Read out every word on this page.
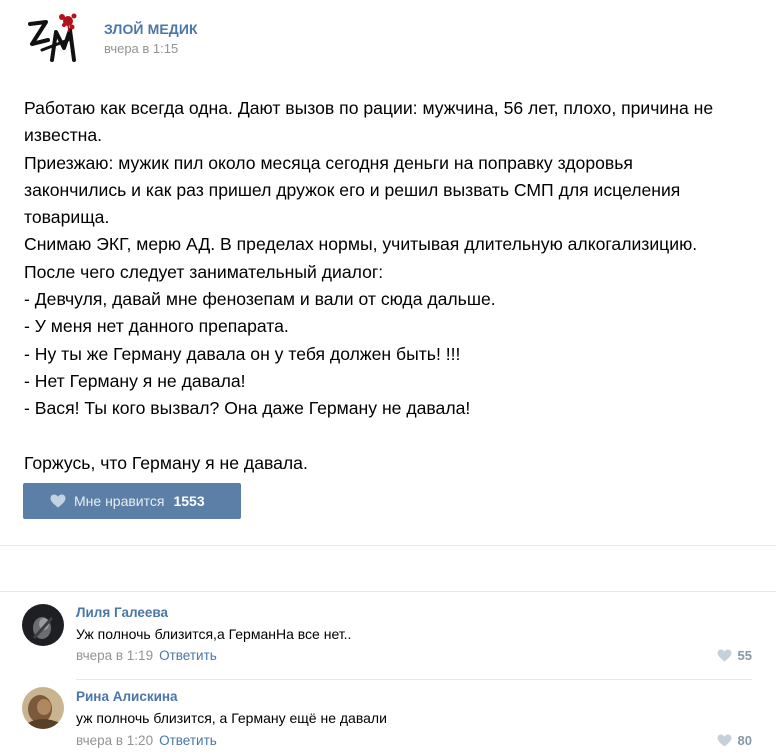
ЗЛОЙ МЕДИК
вчера в 1:15

Работаю как всегда одна. Дают вызов по рации: мужчина, 56 лет, плохо, причина не

известна.

Приезжаю: мужик пил около месяца сегодня деньги на поправку здоровья

закончились и как раз пришел дружок его и решил вызвать СМП для исцеления

товарища.

Снимаю ЭКГ, мерю АД. В пределах нормы, учитывая длительную алкогализицию.

После чего следует занимательный диалог:

- Девчуля, давай мне фенозепам и вали от сюда дальше.

- У меня нет данного препарата.

- Ну ты же Герману давала он у тебя должен быть! !!!

- Нет Герману я не давала!

- Вася! Ты кого вызвал? Она даже Герману не давала!

Горжусь, что Герману я не давала.

Мне нравится 1553
Лиля Галеева
Уж полночь близится,а ГерманНа все нет..
вчера в 1:19 Ответить	55
Рина Алискина
уж полночь близится, а Герману ещё не давали
вчера в 1:20 Ответить	80
